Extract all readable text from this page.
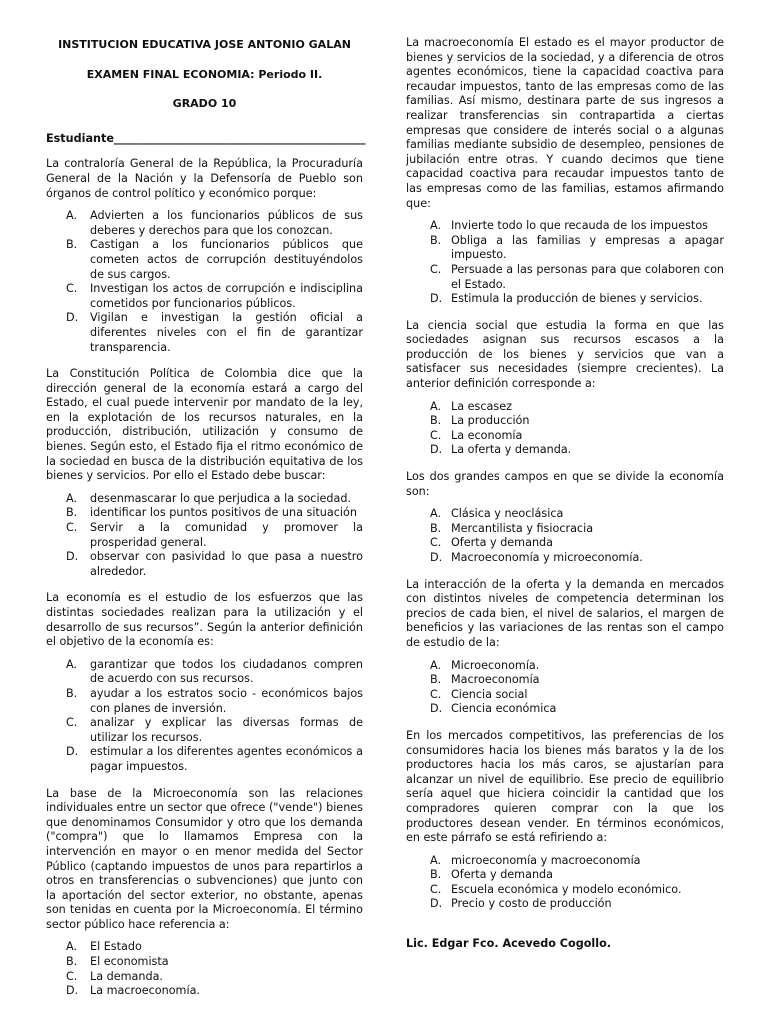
INSTITUCION EDUCATIVA JOSE ANTONIO GALAN
EXAMEN FINAL ECONOMIA: Periodo II.
GRADO 10
Estudiante_____________________________________________
La contraloría General de la República, la Procuraduría General de la Nación y la Defensoría de Pueblo son órganos de control político y económico porque:
A. Advierten a los funcionarios públicos de sus deberes y derechos para que los conozcan.
B. Castigan a los funcionarios públicos que cometen actos de corrupción destituyéndolos de sus cargos.
C. Investigan los actos de corrupción e indisciplina cometidos por funcionarios públicos.
D. Vigilan e investigan la gestión oficial a diferentes niveles con el fin de garantizar transparencia.
La Constitución Política de Colombia dice que la dirección general de la economía estará a cargo del Estado, el cual puede intervenir por mandato de la ley, en la explotación de los recursos naturales, en la producción, distribución, utilización y consumo de bienes. Según esto, el Estado fija el ritmo económico de la sociedad en busca de la distribución equitativa de los bienes y servicios. Por ello el Estado debe buscar:
A. desenmascarar lo que perjudica a la sociedad.
B. identificar los puntos positivos de una situación
C. Servir a la comunidad y promover la prosperidad general.
D. observar con pasividad lo que pasa a nuestro alrededor.
La economía es el estudio de los esfuerzos que las distintas sociedades realizan para la utilización y el desarrollo de sus recursos”. Según la anterior definición el objetivo de la economía es:
A. garantizar que todos los ciudadanos compren de acuerdo con sus recursos.
B. ayudar a los estratos socio - económicos bajos con planes de inversión.
C. analizar y explicar las diversas formas de utilizar los recursos.
D. estimular a los diferentes agentes económicos a pagar impuestos.
La base de la Microeconomía son las relaciones individuales entre un sector que ofrece ("vende") bienes que denominamos Consumidor y otro que los demanda ("compra") que lo llamamos Empresa con la intervención en mayor o en menor medida del Sector Público (captando impuestos de unos para repartirlos a otros en transferencias o subvenciones) que junto con la aportación del sector exterior, no obstante, apenas son tenidas en cuenta por la Microeconomía. El término sector público hace referencia a:
A. El Estado
B. El economista
C. La demanda.
D. La macroeconomía.
La macroeconomía El estado es el mayor productor de bienes y servicios de la sociedad, y a diferencia de otros agentes económicos, tiene la capacidad coactiva para recaudar impuestos, tanto de las empresas como de las familias. Así mismo, destinara parte de sus ingresos a realizar transferencias sin contrapartida a ciertas empresas que considere de interés social o a algunas familias mediante subsidio de desempleo, pensiones de jubilación entre otras. Y cuando decimos que tiene capacidad coactiva para recaudar impuestos tanto de las empresas como de las familias, estamos afirmando que:
A. Invierte todo lo que recauda de los impuestos
B. Obliga a las familias y empresas a apagar impuesto.
C. Persuade a las personas para que colaboren con el Estado.
D. Estimula la producción de bienes y servicios.
La ciencia social que estudia la forma en que las sociedades asignan sus recursos escasos a la producción de los bienes y servicios que van a satisfacer sus necesidades (siempre crecientes). La anterior definición corresponde a:
A. La escasez
B. La producción
C. La economía
D. La oferta y demanda.
Los dos grandes campos en que se divide la economía son:
A. Clásica y neoclásica
B. Mercantilista y fisiocracia
C. Oferta y demanda
D. Macroeconomía y microeconomía.
La interacción de la oferta y la demanda en mercados con distintos niveles de competencia determinan los precios de cada bien, el nivel de salarios, el margen de beneficios y las variaciones de las rentas son el campo de estudio de la:
A. Microeconomía.
B. Macroeconomía
C. Ciencia social
D. Ciencia económica
En los mercados competitivos, las preferencias de los consumidores hacia los bienes más baratos y la de los productores hacia los más caros, se ajustarían para alcanzar un nivel de equilibrio. Ese precio de equilibrio sería aquel que hiciera coincidir la cantidad que los compradores quieren comprar con la que los productores desean vender. En términos económicos, en este párrafo se está refiriendo a:
A. microeconomía y macroeconomía
B. Oferta y demanda
C. Escuela económica y modelo económico.
D. Precio y costo de producción
Lic. Edgar Fco. Acevedo Cogollo.
